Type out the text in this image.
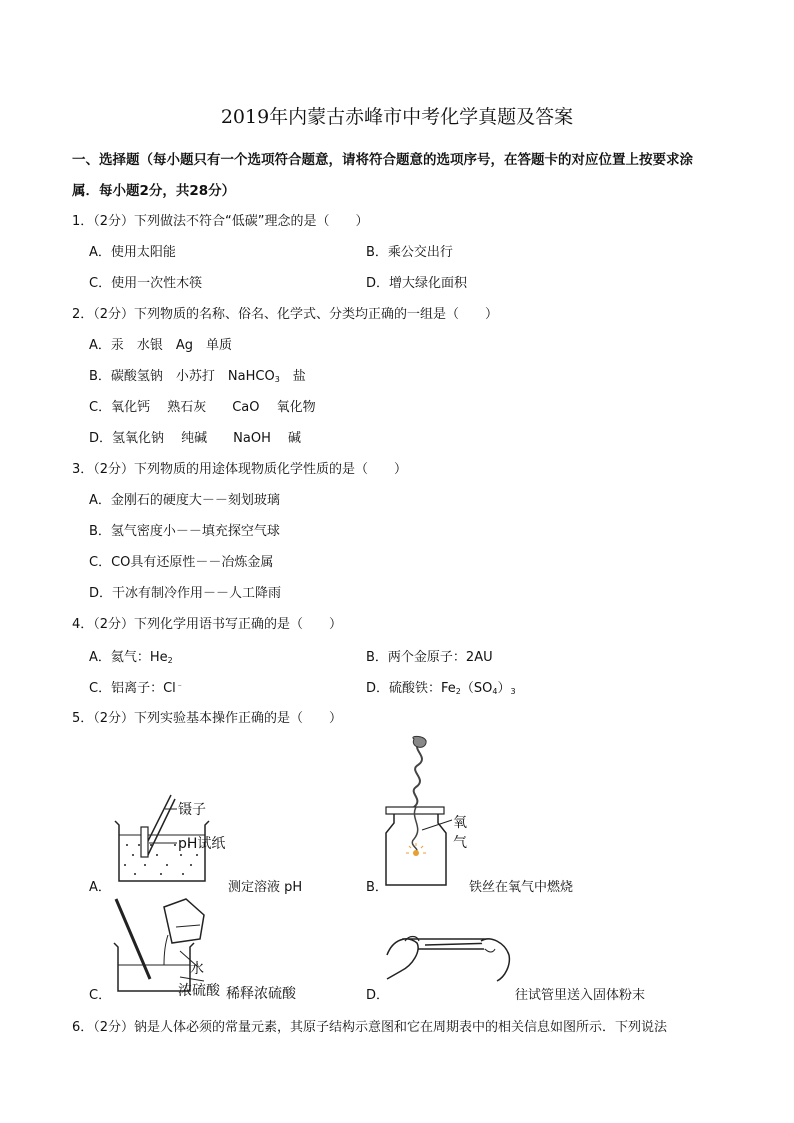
2019年内蒙古赤峰市中考化学真题及答案
一、选择题（每小题只有一个选项符合题意，请将符合题意的选项序号，在答题卡的对应位置上按要求涂
属．每小题2分，共28分）
1．（2分）下列做法不符合“低碳”理念的是（　　）
A．使用太阳能	B．乘公交出行
C．使用一次性木筷	D．增大绿化面积
2．（2分）下列物质的名称、俗名、化学式、分类均正确的一组是（　　）
A．汞　水银　Ag　单质
B．碳酸氢钠　小苏打　NaHCO$_3$　盐
C．氧化钙　 熟石灰　　CaO　 氧化物
D．氢氧化钠　 纯碱　　NaOH　 碱
3．（2分）下列物质的用途体现物质化学性质的是（　　）
A．金刚石的硬度大－－刻划玻璃
B．氢气密度小－－填充探空气球
C．CO具有还原性－－冶炼金属
D．干冰有制冷作用－－人工降雨
4．（2分）下列化学用语书写正确的是（　　）
A．氦气：$He_2$	B．两个金原子：2AU
C．铝离子：Cl﹣	D．硫酸铁：$Fe_2(SO_4)_3$
5．（2分）下列实验基本操作正确的是（　　）
镊子
pH试纸
A．	测定溶液 pH
氧
气
B．	铁丝在氧气中燃烧
水
浓硫酸
C．	稀释浓硫酸	D．	往试管里送入固体粉末
6．（2分）钠是人体必须的常量元素，其原子结构示意图和它在周期表中的相关信息如图所示．下列说法
